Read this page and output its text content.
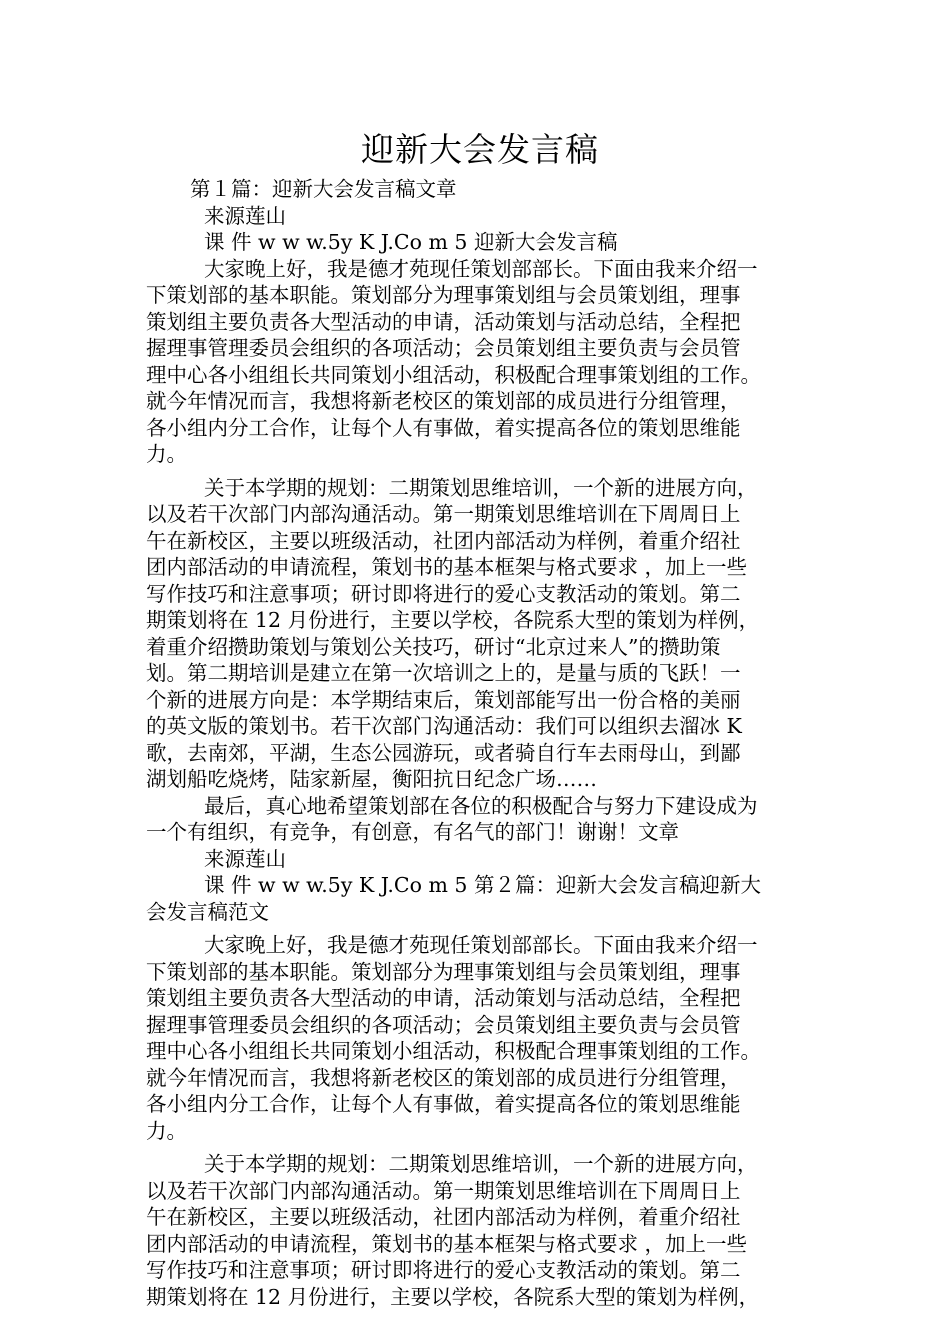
迎新大会发言稿

第１篇：迎新大会发言稿文章

来源莲山

课 件 w w w.5y K J.Co m 5 迎新大会发言稿

大家晚上好，我是德才苑现任策划部部长。下面由我来介绍一

下策划部的基本职能。策划部分为理事策划组与会员策划组，理事

策划组主要负责各大型活动的申请，活动策划与活动总结，全程把

握理事管理委员会组织的各项活动；会员策划组主要负责与会员管

理中心各小组组长共同策划小组活动，积极配合理事策划组的工作。

就今年情况而言，我想将新老校区的策划部的成员进行分组管理，

各小组内分工合作，让每个人有事做，着实提高各位的策划思维能

力。

关于本学期的规划：二期策划思维培训，一个新的进展方向，

以及若干次部门内部沟通活动。第一期策划思维培训在下周周日上

午在新校区，主要以班级活动，社团内部活动为样例，着重介绍社

团内部活动的申请流程，策划书的基本框架与格式要求 ，加上一些

写作技巧和注意事项；研讨即将进行的爱心支教活动的策划。第二

期策划将在 12 月份进行，主要以学校，各院系大型的策划为样例，

着重介绍攒助策划与策划公关技巧，研讨“北京过来人”的攒助策

划。第二期培训是建立在第一次培训之上的，是量与质的飞跃！一

个新的进展方向是：本学期结束后，策划部能写出一份合格的美丽

的英文版的策划书。若干次部门沟通活动：我们可以组织去溜冰 K

歌，去南郊，平湖，生态公园游玩，或者骑自行车去雨母山，到鄙

湖划船吃烧烤，陆家新屋，衡阳抗日纪念广场……

最后，真心地希望策划部在各位的积极配合与努力下建设成为

一个有组织，有竞争，有创意，有名气的部门！谢谢！文章

来源莲山

课 件 w w w.5y K J.Co m 5 第２篇：迎新大会发言稿迎新大

会发言稿范文

大家晚上好，我是德才苑现任策划部部长。下面由我来介绍一

下策划部的基本职能。策划部分为理事策划组与会员策划组，理事

策划组主要负责各大型活动的申请，活动策划与活动总结，全程把

握理事管理委员会组织的各项活动；会员策划组主要负责与会员管

理中心各小组组长共同策划小组活动，积极配合理事策划组的工作。

就今年情况而言，我想将新老校区的策划部的成员进行分组管理，

各小组内分工合作，让每个人有事做，着实提高各位的策划思维能

力。

关于本学期的规划：二期策划思维培训，一个新的进展方向，

以及若干次部门内部沟通活动。第一期策划思维培训在下周周日上

午在新校区，主要以班级活动，社团内部活动为样例，着重介绍社

团内部活动的申请流程，策划书的基本框架与格式要求 ，加上一些

写作技巧和注意事项；研讨即将进行的爱心支教活动的策划。第二

期策划将在 12 月份进行，主要以学校，各院系大型的策划为样例，
